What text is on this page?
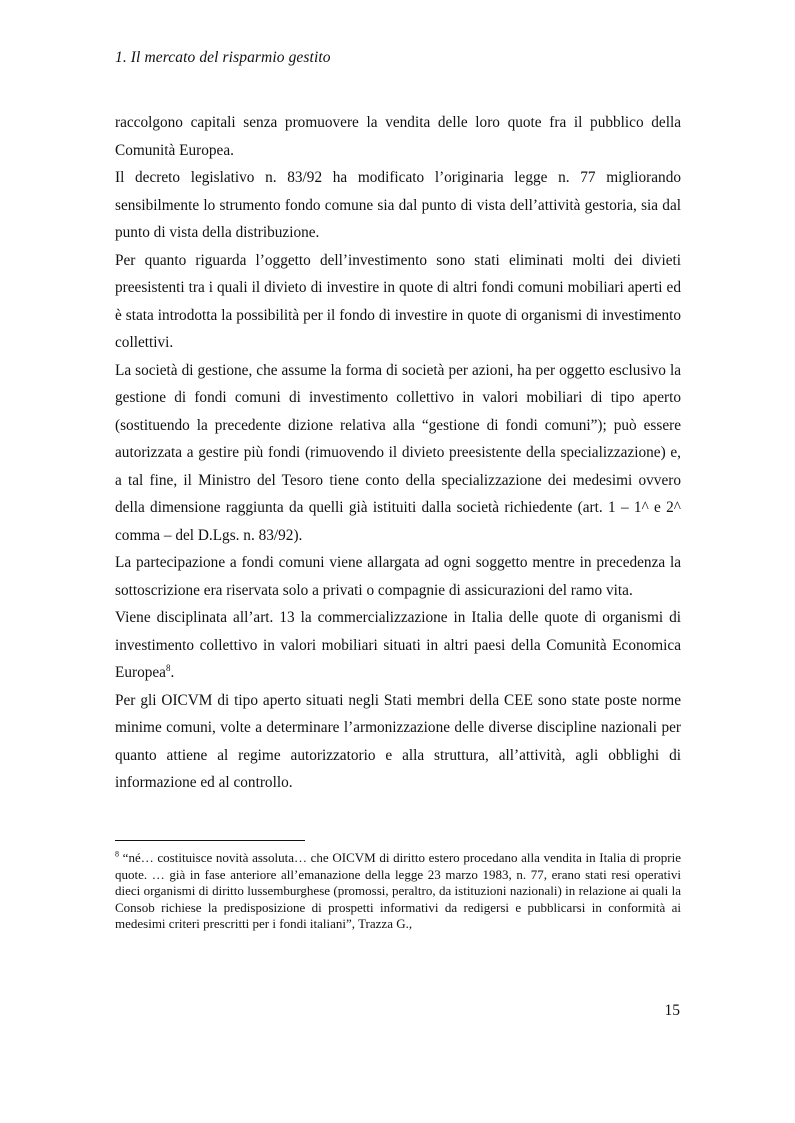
1. Il mercato del risparmio gestito

raccolgono capitali senza promuovere la vendita delle loro quote fra il pubblico della Comunità Europea.

Il decreto legislativo n. 83/92 ha modificato l’originaria legge n. 77 migliorando sensibilmente lo strumento fondo comune sia dal punto di vista dell’attività gestoria, sia dal punto di vista della distribuzione.

Per quanto riguarda l’oggetto dell’investimento sono stati eliminati molti dei divieti preesistenti tra i quali il divieto di investire in quote di altri fondi comuni mobiliari aperti ed è stata introdotta la possibilità per il fondo di investire in quote di organismi di investimento collettivi.

La società di gestione, che assume la forma di società per azioni, ha per oggetto esclusivo la gestione di fondi comuni di investimento collettivo in valori mobiliari di tipo aperto (sostituendo la precedente dizione relativa alla “gestione di fondi comuni”); può essere autorizzata a gestire più fondi (rimuovendo il divieto preesistente della specializzazione) e, a tal fine, il Ministro del Tesoro tiene conto della specializzazione dei medesimi ovvero della dimensione raggiunta da quelli già istituiti dalla società richiedente (art. 1 – 1^ e 2^ comma – del D.Lgs. n. 83/92).

La partecipazione a fondi comuni viene allargata ad ogni soggetto mentre in precedenza la sottoscrizione era riservata solo a privati o compagnie di assicurazioni del ramo vita.

Viene disciplinata all’art. 13 la commercializzazione in Italia delle quote di organismi di investimento collettivo in valori mobiliari situati in altri paesi della Comunità Economica Europea$^8$.

Per gli OICVM di tipo aperto situati negli Stati membri della CEE sono state poste norme minime comuni, volte a determinare l’armonizzazione delle diverse discipline nazionali per quanto attiene al regime autorizzatorio e alla struttura, all’attività, agli obblighi di informazione ed al controllo.

$^8$ “né… costituisce novità assoluta… che OICVM di diritto estero procedano alla vendita in Italia di proprie quote. … già in fase anteriore all’emanazione della legge 23 marzo 1983, n. 77, erano stati resi operativi dieci organismi di diritto lussemburghese (promossi, peraltro, da istituzioni nazionali) in relazione ai quali la Consob richiese la predisposizione di prospetti informativi da redigersi e pubblicarsi in conformità ai medesimi criteri prescritti per i fondi italiani”, Trazza G.,
15
